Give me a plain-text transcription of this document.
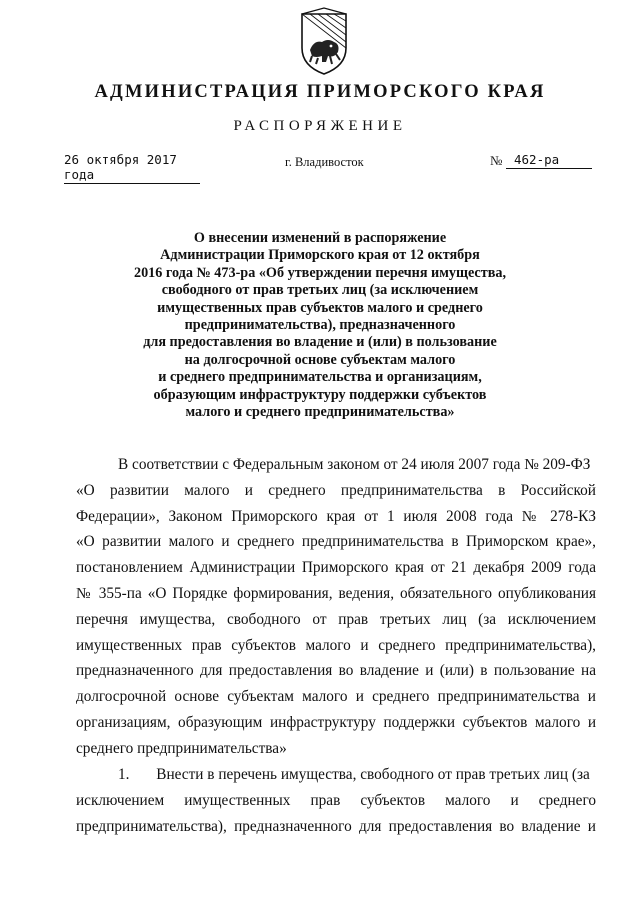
АДМИНИСТРАЦИЯ ПРИМОРСКОГО КРАЯ
РАСПОРЯЖЕНИЕ
26 октября 2017 года
г. Владивосток	№ 462-ра
О внесении изменений в распоряжение
Администрации Приморского края от 12 октября
2016 года № 473-ра «Об утверждении перечня имущества,
свободного от прав третьих лиц (за исключением
имущественных прав субъектов малого и среднего
предпринимательства), предназначенного
для предоставления во владение и (или) в пользование
на долгосрочной основе субъектам малого
и среднего предпринимательства и организациям,
образующим инфраструктуру поддержки субъектов
малого и среднего предпринимательства»
В соответствии с Федеральным законом от 24 июля 2007 года № 209-ФЗ
«О развитии малого и среднего предпринимательства в Российской
Федерации», Законом Приморского края от 1 июля 2008 года № 278-КЗ
«О развитии малого и среднего предпринимательства в Приморском крае»,
постановлением Администрации Приморского края от 21 декабря 2009 года
№ 355-па «О Порядке формирования, ведения, обязательного опубликования
перечня имущества, свободного от прав третьих лиц (за исключением
имущественных прав субъектов малого и среднего предпринимательства),
предназначенного для предоставления во владение и (или) в пользование на
долгосрочной основе субъектам малого и среднего предпринимательства и
организациям, образующим инфраструктуру поддержки субъектов малого и
среднего предпринимательства»
1.       Внести в перечень имущества, свободного от прав третьих лиц (за
исключением имущественных прав субъектов малого и среднего
предпринимательства), предназначенного для предоставления во владение и
